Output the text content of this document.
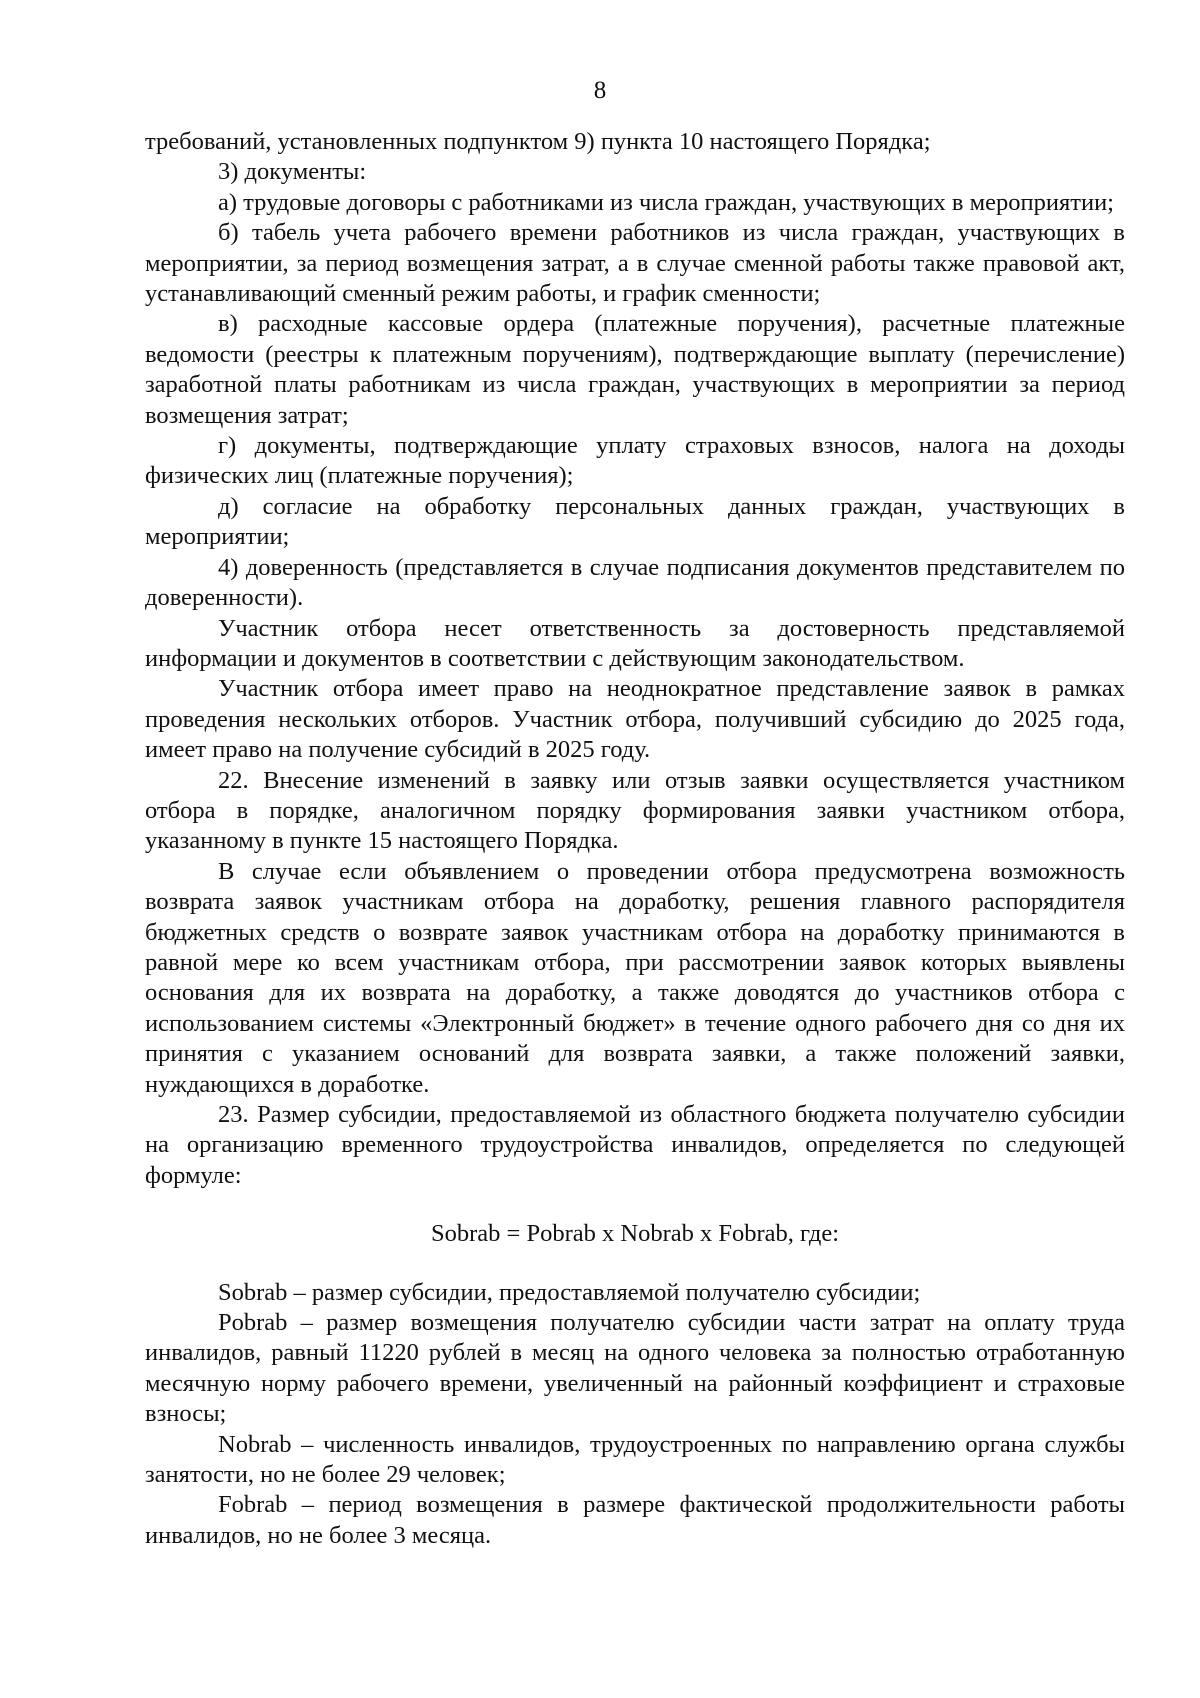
8

требований, установленных подпунктом 9) пункта 10 настоящего Порядка;

3) документы:

а) трудовые договоры с работниками из числа граждан, участвующих в мероприятии;

б) табель учета рабочего времени работников из числа граждан, участвующих в мероприятии, за период возмещения затрат, а в случае сменной работы также правовой акт, устанавливающий сменный режим работы, и график сменности;

в) расходные кассовые ордера (платежные поручения), расчетные платежные ведомости (реестры к платежным поручениям), подтверждающие выплату (перечисление) заработной платы работникам из числа граждан, участвующих в мероприятии за период возмещения затрат;

г) документы, подтверждающие уплату страховых взносов, налога на доходы физических лиц (платежные поручения);

д) согласие на обработку персональных данных граждан, участвующих в мероприятии;

4) доверенность (представляется в случае подписания документов представителем по доверенности).

Участник отбора несет ответственность за достоверность представляемой информации и документов в соответствии с действующим законодательством.

Участник отбора имеет право на неоднократное представление заявок в рамках проведения нескольких отборов. Участник отбора, получивший субсидию до 2025 года, имеет право на получение субсидий в 2025 году.

22. Внесение изменений в заявку или отзыв заявки осуществляется участником отбора в порядке, аналогичном порядку формирования заявки участником отбора, указанному в пункте 15 настоящего Порядка.

В случае если объявлением о проведении отбора предусмотрена возможность возврата заявок участникам отбора на доработку, решения главного распорядителя бюджетных средств о возврате заявок участникам отбора на доработку принимаются в равной мере ко всем участникам отбора, при рассмотрении заявок которых выявлены основания для их возврата на доработку, а также доводятся до участников отбора с использованием системы «Электронный бюджет» в течение одного рабочего дня со дня их принятия с указанием оснований для возврата заявки, а также положений заявки, нуждающихся в доработке.

23. Размер субсидии, предоставляемой из областного бюджета получателю субсидии на организацию временного трудоустройства инвалидов, определяется по следующей формуле:

Sobrab = Pobrab x Nobrab x Fobrab, где:

Sobrab – размер субсидии, предоставляемой получателю субсидии;

Pobrab – размер возмещения получателю субсидии части затрат на оплату труда инвалидов, равный 11220 рублей в месяц на одного человека за полностью отработанную месячную норму рабочего времени, увеличенный на районный коэффициент и страховые взносы;

Nobrab – численность инвалидов, трудоустроенных по направлению органа службы занятости, но не более 29 человек;

Fobrab – период возмещения в размере фактической продолжительности работы инвалидов, но не более 3 месяца.
